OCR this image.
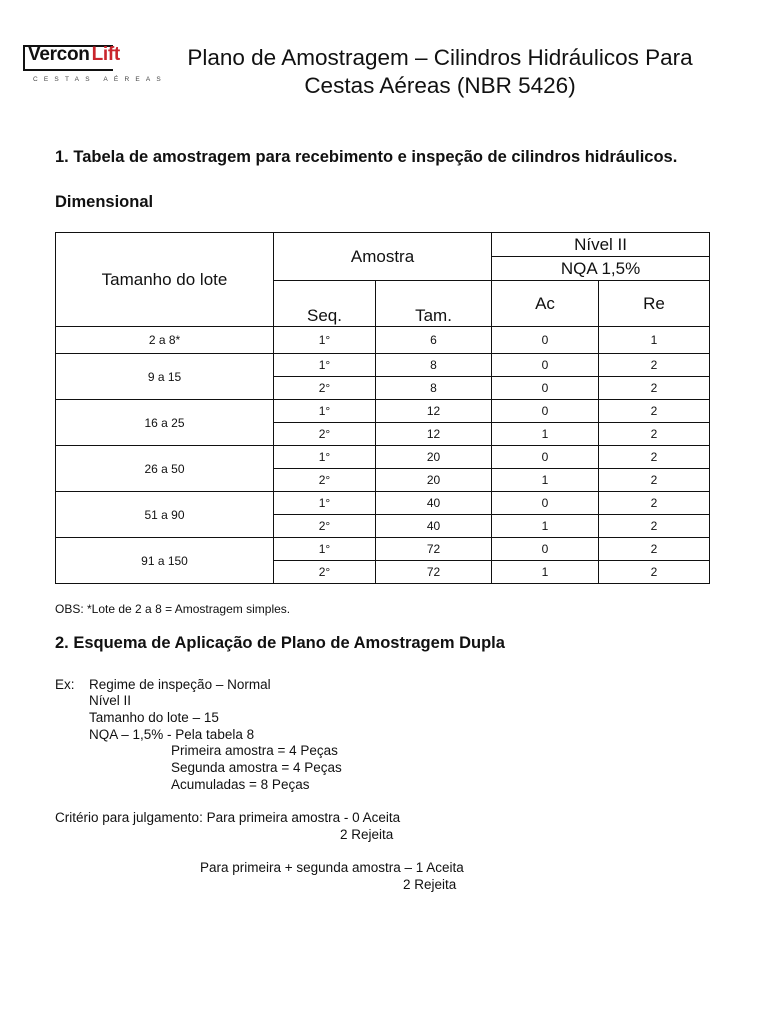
Vercon Lift
CESTAS AÉREAS
Plano de Amostragem – Cilindros Hidráulicos Para
Cestas Aéreas (NBR 5426)
1. Tabela de amostragem para recebimento e inspeção de cilindros hidráulicos.
Dimensional
Tamanho do lote	Amostra		Nível II	
			NQA 1,5%	
	Seq.	Tam.	Ac	Re
2 a 8*	1°	6	0	1
9 a 15	1°	8	0	2
	2°	8	0	2
16 a 25	1°	12	0	2
	2°	12	1	2
26 a 50	1°	20	0	2
	2°	20	1	2
51 a 90	1°	40	0	2
	2°	40	1	2
91 a 150	1°	72	0	2
	2°	72	1	2
OBS: *Lote de 2 a 8 = Amostragem simples.
2. Esquema de Aplicação de Plano de Amostragem Dupla
Ex: Regime de inspeção – Normal
Nível II
Tamanho do lote – 15
NQA – 1,5% - Pela tabela 8
Primeira amostra = 4 Peças
Segunda amostra = 4 Peças
Acumuladas = 8 Peças
Critério para julgamento: Para primeira amostra - 0 Aceita
2 Rejeita
Para primeira + segunda amostra – 1 Aceita
2 Rejeita
